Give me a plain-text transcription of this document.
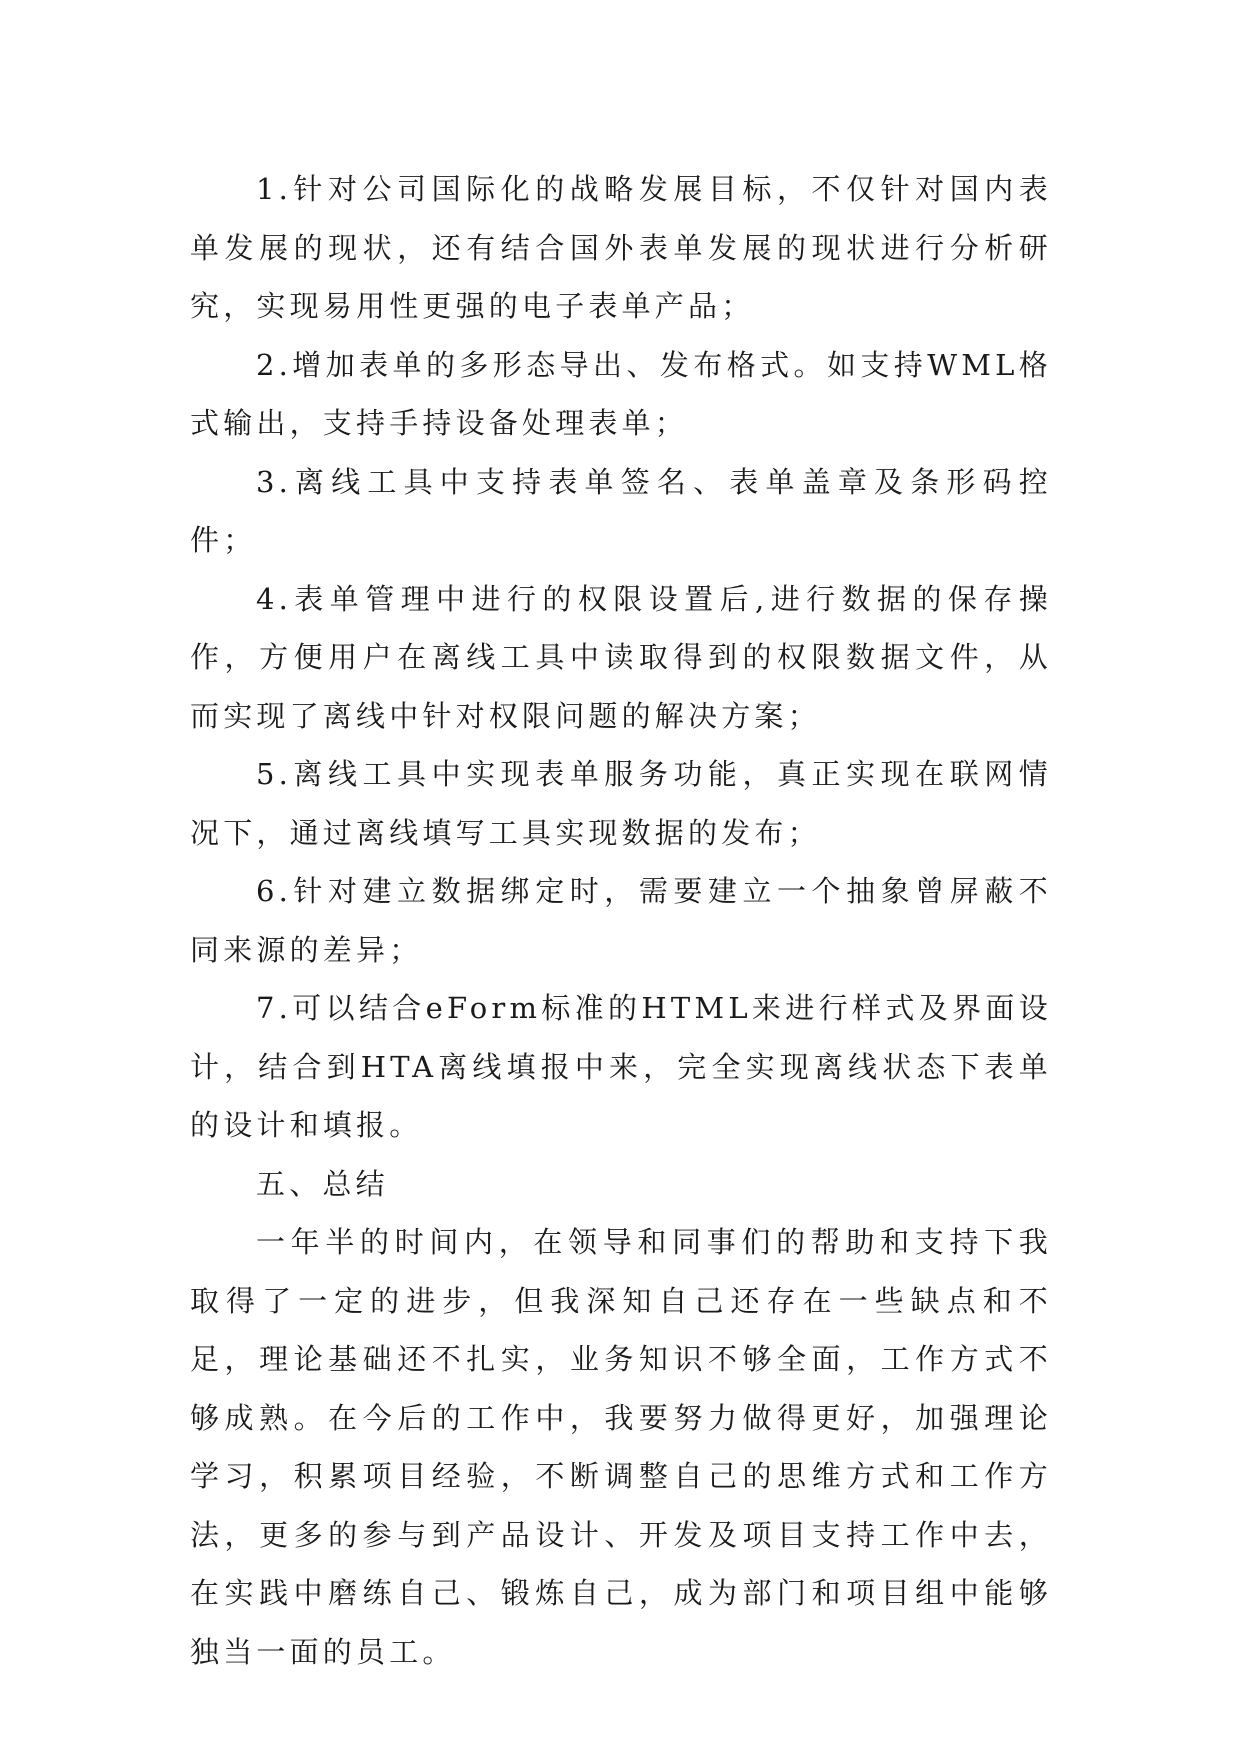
1.针对公司国际化的战略发展目标，不仅针对国内表单发展的现状，还有结合国外表单发展的现状进行分析研究，实现易用性更强的电子表单产品；

2.增加表单的多形态导出、发布格式。如支持WML格式输出，支持手持设备处理表单；

3.离线工具中支持表单签名、表单盖章及条形码控件；

4.表单管理中进行的权限设置后,进行数据的保存操作，方便用户在离线工具中读取得到的权限数据文件，从而实现了离线中针对权限问题的解决方案；

5.离线工具中实现表单服务功能，真正实现在联网情况下，通过离线填写工具实现数据的发布；

6.针对建立数据绑定时，需要建立一个抽象曾屏蔽不同来源的差异；

7.可以结合eForm标准的HTML来进行样式及界面设计，结合到HTA离线填报中来，完全实现离线状态下表单的设计和填报。

五、总结

一年半的时间内，在领导和同事们的帮助和支持下我取得了一定的进步，但我深知自己还存在一些缺点和不足，理论基础还不扎实，业务知识不够全面，工作方式不够成熟。在今后的工作中，我要努力做得更好，加强理论学习，积累项目经验，不断调整自己的思维方式和工作方法，更多的参与到产品设计、开发及项目支持工作中去，在实践中磨练自己、锻炼自己，成为部门和项目组中能够独当一面的员工。
